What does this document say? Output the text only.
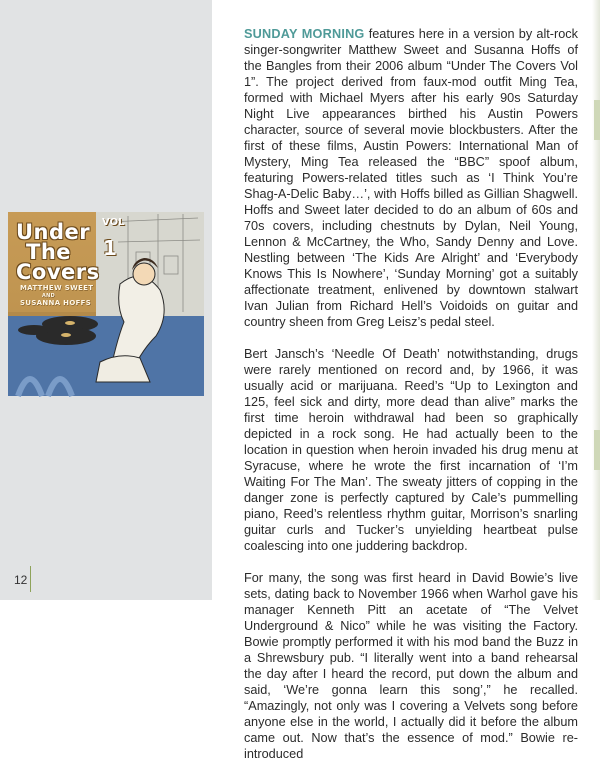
Under
The
Covers
VOL
1
MATTHEW SWEET
AND
SUSANNA HOFFS
12

SUNDAY MORNING features here in a version by alt-rock singer-songwriter Matthew Sweet and Susanna Hoffs of the Bangles from their 2006 album “Under The Covers Vol 1”. The project derived from faux-mod outfit Ming Tea, formed with Michael Myers after his early 90s Saturday Night Live appearances birthed his Austin Powers character, source of several movie blockbusters. After the first of these films, Austin Powers: International Man of Mystery, Ming Tea released the “BBC” spoof album, featuring Powers-related titles such as ‘I Think You’re Shag-A-Delic Baby…’, with Hoffs billed as Gillian Shagwell. Hoffs and Sweet later decided to do an album of 60s and 70s covers, including chestnuts by Dylan, Neil Young, Lennon & McCartney, the Who, Sandy Denny and Love. Nestling between ‘The Kids Are Alright’ and ‘Everybody Knows This Is Nowhere’, ‘Sunday Morning’ got a suitably affectionate treatment, enlivened by downtown stalwart Ivan Julian from Richard Hell’s Voidoids on guitar and country sheen from Greg Leisz’s pedal steel.

Bert Jansch’s ‘Needle Of Death’ notwithstanding, drugs were rarely mentioned on record and, by 1966, it was usually acid or marijuana. Reed’s “Up to Lexington and 125, feel sick and dirty, more dead than alive” marks the first time heroin withdrawal had been so graphically depicted in a rock song. He had actually been to the location in question when heroin invaded his drug menu at Syracuse, where he wrote the first incarnation of ‘I’m Waiting For The Man’. The sweaty jitters of copping in the danger zone is perfectly captured by Cale’s pummelling piano, Reed’s relentless rhythm guitar, Morrison’s snarling guitar curls and Tucker’s unyielding heartbeat pulse coalescing into one juddering backdrop.

For many, the song was first heard in David Bowie’s live sets, dating back to November 1966 when Warhol gave his manager Kenneth Pitt an acetate of “The Velvet Underground & Nico” while he was visiting the Factory. Bowie promptly performed it with his mod band the Buzz in a Shrewsbury pub. “I literally went into a band rehearsal the day after I heard the record, put down the album and said, ‘We’re gonna learn this song’,” he recalled. “Amazingly, not only was I covering a Velvets song before anyone else in the world, I actually did it before the album came out. Now that’s the essence of mod.” Bowie re-introduced
